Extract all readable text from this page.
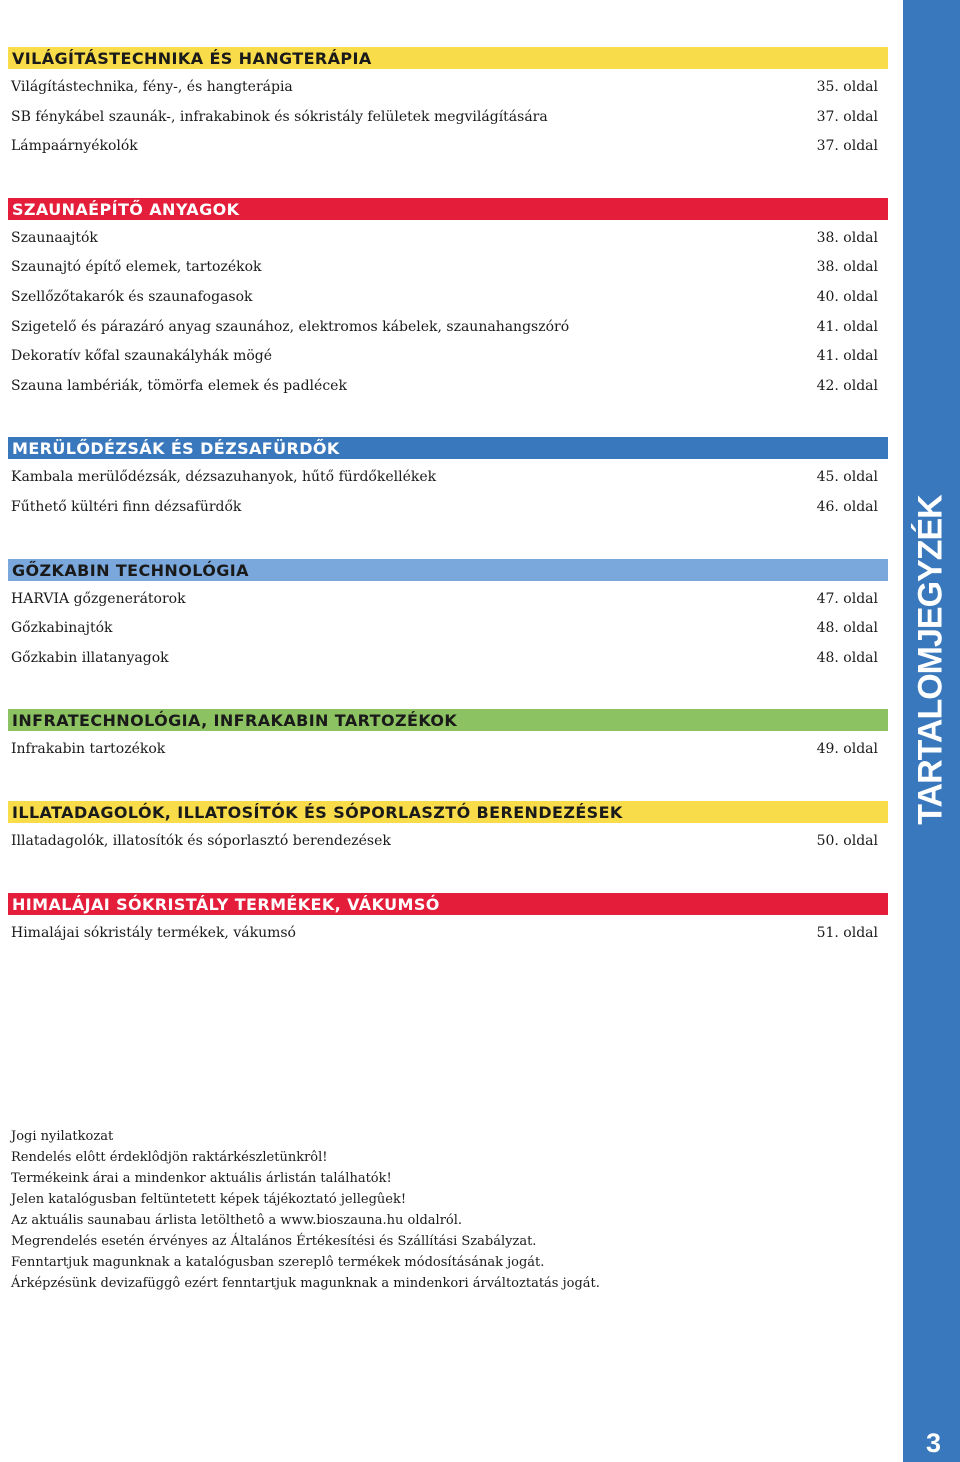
TARTALOMJEGYZÉK
3
VILÁGÍTÁSTECHNIKA ÉS HANGTERÁPIA
Világítástechnika, fény-, és hangterápia	35. oldal
SB fénykábel szaunák-, infrakabinok és sókristály felületek megvilágítására	37. oldal
Lámpaárnyékolók	37. oldal
SZAUNAÉPÍTŐ ANYAGOK
Szaunaajtók	38. oldal
Szaunajtó építő elemek, tartozékok	38. oldal
Szellőzőtakarók és szaunafogasok	40. oldal
Szigetelő és párazáró anyag szaunához, elektromos kábelek, szaunahangszóró	41. oldal
Dekoratív kőfal szaunakályhák mögé	41. oldal
Szauna lambériák, tömörfa elemek és padlécek	42. oldal
MERÜLŐDÉZSÁK ÉS DÉZSAFÜRDŐK
Kambala merülődézsák, dézsazuhanyok, hűtő fürdőkellékek	45. oldal
Fűthető kültéri finn dézsafürdők	46. oldal
GŐZKABIN TECHNOLÓGIA
HARVIA gőzgenerátorok	47. oldal
Gőzkabinajtók	48. oldal
Gőzkabin illatanyagok	48. oldal
INFRATECHNOLÓGIA, INFRAKABIN TARTOZÉKOK
Infrakabin tartozékok	49. oldal
ILLATADAGOLÓK, ILLATOSÍTÓK ÉS SÓPORLASZTÓ BERENDEZÉSEK
Illatadagolók, illatosítók és sóporlasztó berendezések	50. oldal
HIMALÁJAI SÓKRISTÁLY TERMÉKEK, VÁKUMSÓ
Himalájai sókristály termékek, vákumsó	51. oldal
Jogi nyilatkozat
Rendelés elôtt érdeklôdjön raktárkészletünkrôl!
Termékeink árai a mindenkor aktuális árlistán találhatók!
Jelen katalógusban feltüntetett képek tájékoztató jellegûek!
Az aktuális saunabau árlista letölthetô a www.bioszauna.hu oldalról.
Megrendelés esetén érvényes az Általános Értékesítési és Szállítási Szabályzat.
Fenntartjuk magunknak a katalógusban szereplô termékek módosításának jogát.
Árképzésünk devizafüggô ezért fenntartjuk magunknak a mindenkori árváltoztatás jogát.
